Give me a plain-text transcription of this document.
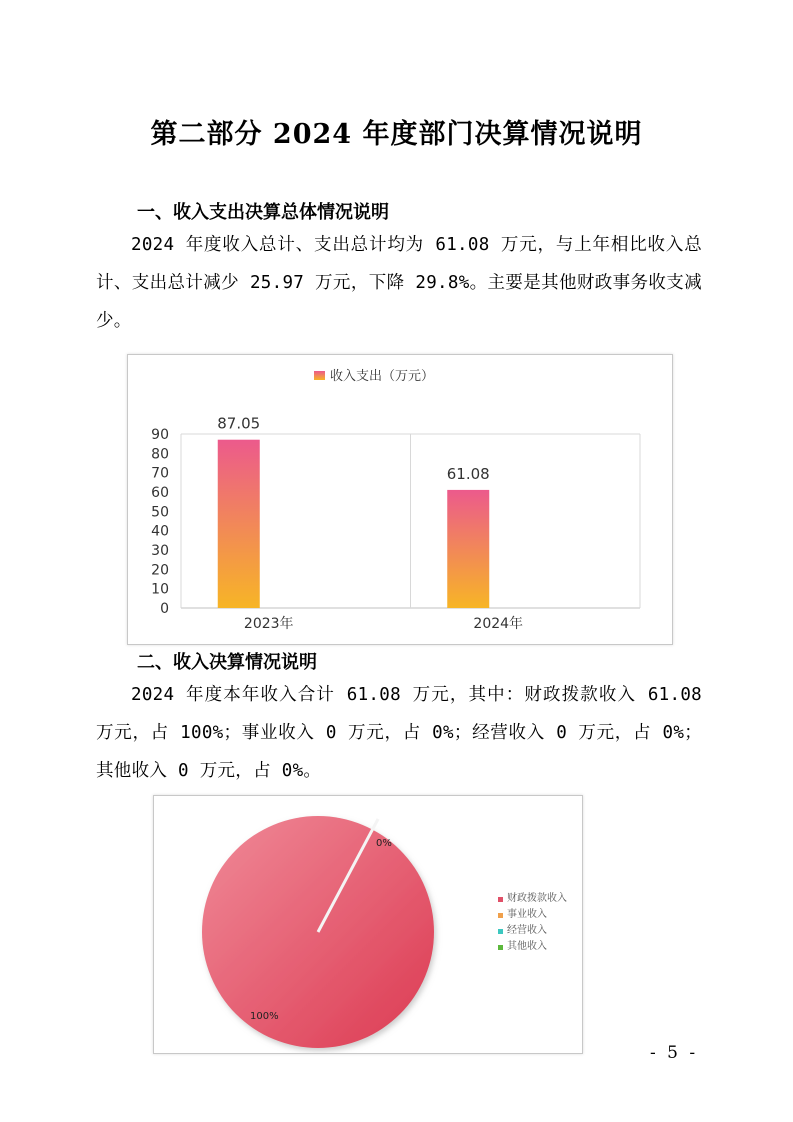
第二部分 2024 年度部门决算情况说明
一、收入支出决算总体情况说明
2024 年度收入总计、支出总计均为 61.08 万元，与上年相比收入总计、支出总计减少 25.97 万元，下降 29.8%。主要是其他财政事务收支减少。
收入支出（万元）
0
10
20
30
40
50
60
70
80
90
87.05
2023年
61.08
2024年
二、收入决算情况说明
2024 年度本年收入合计 61.08 万元，其中：财政拨款收入 61.08 万元，占 100%；事业收入 0 万元，占 0%；经营收入 0 万元，占 0%；其他收入 0 万元，占 0%。
0%
100%
财政拨款收入
事业收入
经营收入
其他收入
- 5 -
